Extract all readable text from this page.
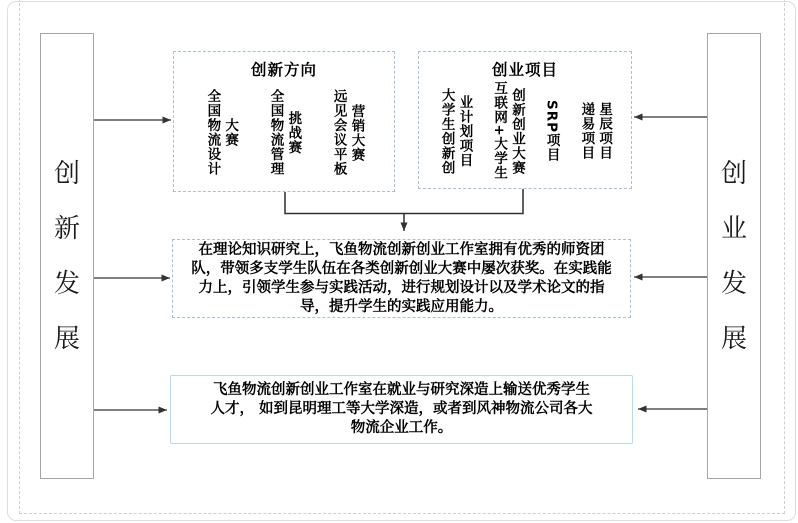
创
新
发
展
创
业
发
展
创新方向
全国物流设计 大赛 全国物流管理 挑战赛 远见会议平板 营销大赛
创业项目
大学生创新创 业计划项目 互联网+大学生 创新创业大赛 SRP项目 递易项目 星辰项目

在理论知识研究上，飞鱼物流创新创业工作室拥有优秀的师资团队，带领多支学生队伍在各类创新创业大赛中屡次获奖。在实践能力上，引领学生参与实践活动，进行规划设计以及学术论文的指导，提升学生的实践应用能力。

飞鱼物流创新创业工作室在就业与研究深造上输送优秀学生人才， 如到昆明理工等大学深造，或者到风神物流公司各大物流企业工作。
